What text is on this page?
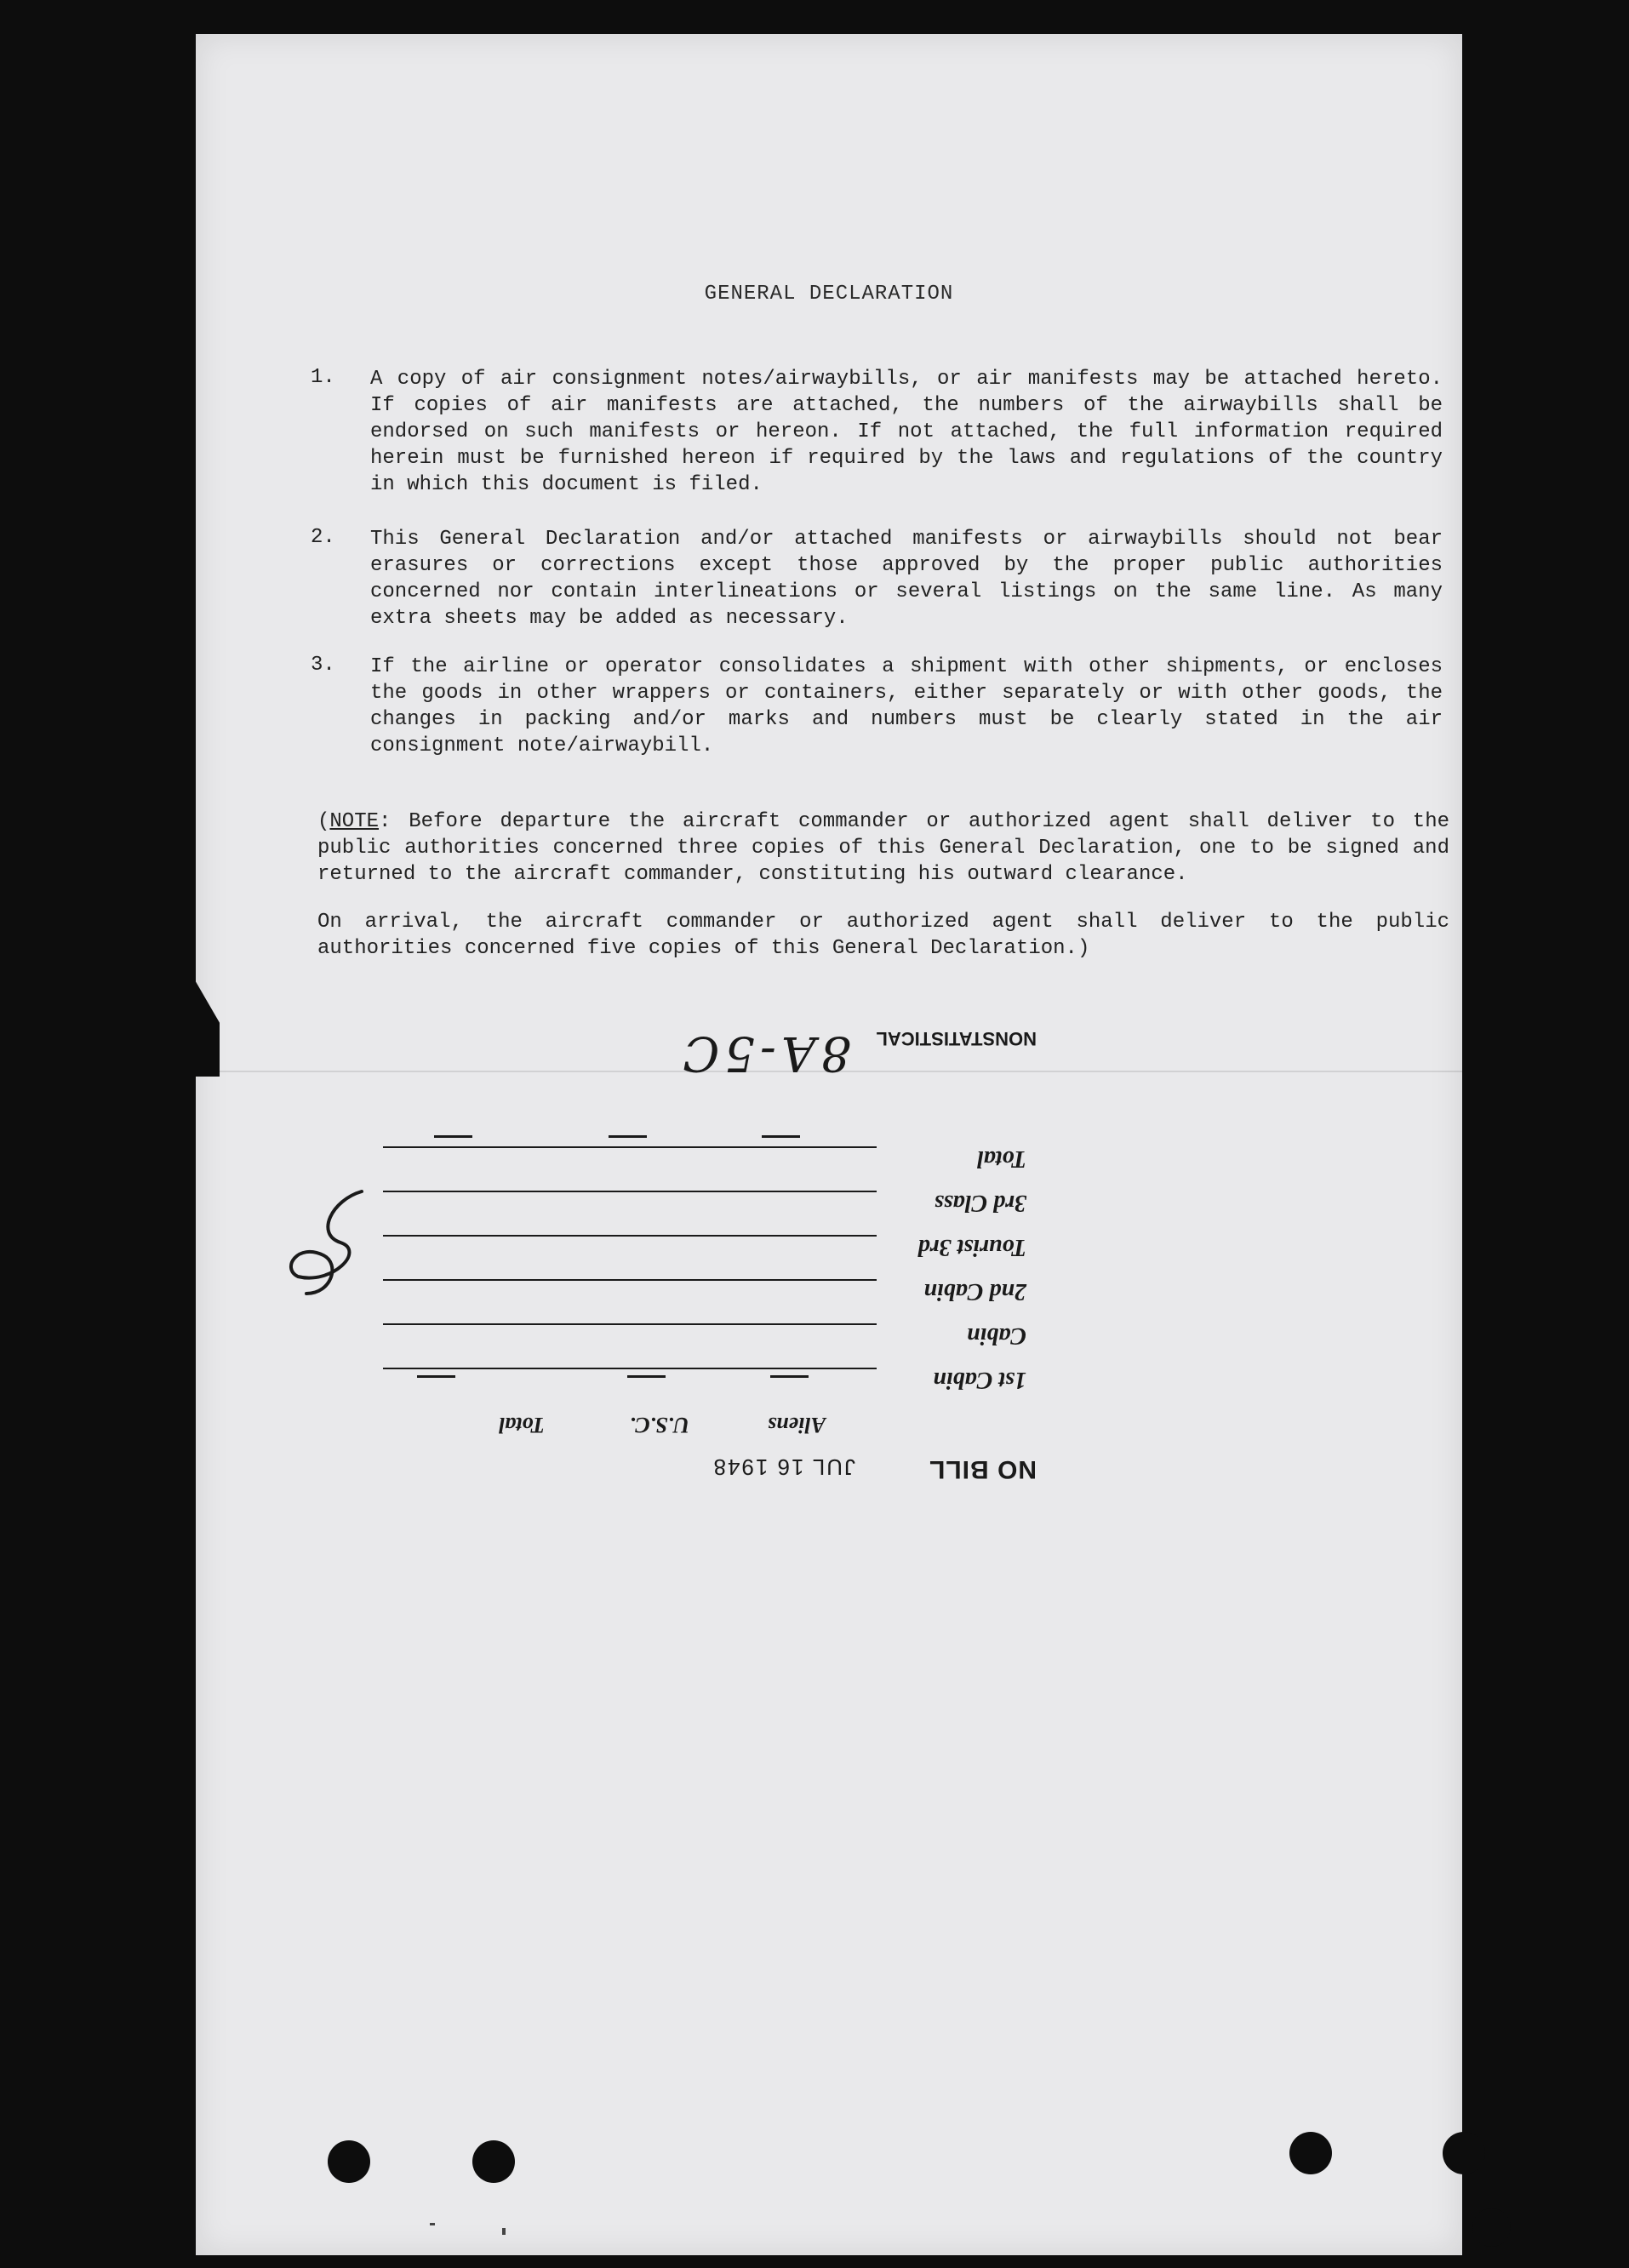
GENERAL DECLARATION
1. A copy of air consignment notes/airwaybills, or air manifests may be attached hereto. If copies of air manifests are attached, the numbers of the airwaybills shall be endorsed on such manifests or hereon. If not attached, the full information required herein must be furnished hereon if required by the laws and regulations of the country in which this document is filed.
2. This General Declaration and/or attached manifests or airwaybills should not bear erasures or corrections except those approved by the proper public authorities concerned nor contain interlineations or several listings on the same line. As many extra sheets may be added as necessary.
3. If the airline or operator consolidates a shipment with other shipments, or encloses the goods in other wrappers or containers, either separately or with other goods, the changes in packing and/or marks and numbers must be clearly stated in the air consignment note/airwaybill.
(NOTE: Before departure the aircraft commander or authorized agent shall deliver to the public authorities concerned three copies of this General Declaration, one to be signed and returned to the aircraft commander, constituting his outward clearance.
On arrival, the aircraft commander or authorized agent shall deliver to the public authorities concerned five copies of this General Declaration.)
NO BILL
JUL 16 1948
Aliens
U.S.C.
Total
1st Cabin
Cabin
2nd Cabin
Tourist 3rd
3rd Class
Total
NONSTATISTICAL
8A-5C
